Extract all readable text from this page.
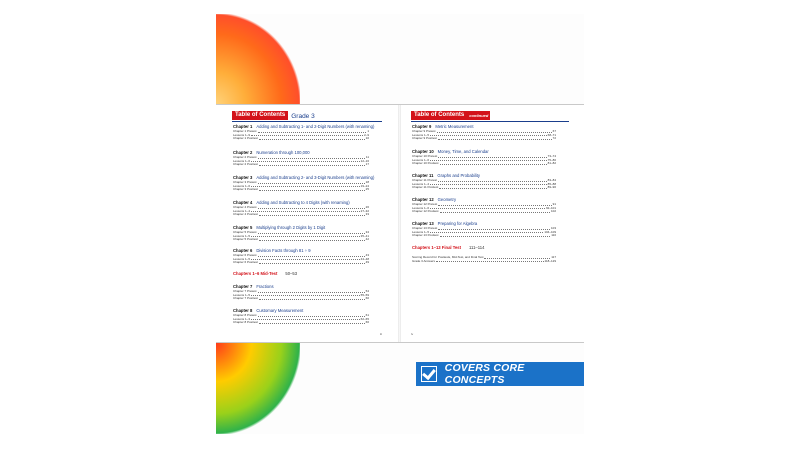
Table of Contents Grade 3
Chapter 1 Adding and Subtracting 1- and 2-Digit Numbers (with renaming)
Chapter 1 Pretest	1
Lessons 1–9	2–9
Chapter 1 Posttest	10
Chapter 2 Numeration through 100,000
Chapter 2 Pretest	11
Lessons 1–6	12–16
Chapter 2 Posttest	17
Chapter 3 Adding and Subtracting 2- and 3-Digit Numbers (with renaming)
Chapter 3 Pretest	18
Lessons 1–6	19–24
Chapter 3 Posttest	25
Chapter 4 Adding and Subtracting to 4 Digits (with renaming)
Chapter 4 Pretest	26
Lessons 1–4	27–32
Chapter 4 Posttest	33
Chapter 5 Multiplying through 2 Digits by 1 Digit
Chapter 5 Pretest	34
Lessons 1–5	35–41
Chapter 5 Posttest	42
Chapter 6 Division Facts through 81 ÷ 9
Chapter 6 Pretest	43
Lessons 1–5	44–48
Chapter 6 Posttest	49
Chapters 1–6 Mid-Test 50–53
Chapter 7 Fractions
Chapter 7 Pretest	54
Lessons 1–5	55–59
Chapter 7 Posttest	60
Chapter 8 Customary Measurement
Chapter 8 Pretest	61
Lessons 1–3	62–65
Chapter 8 Posttest	66
iii
Table of Contents	continued
Chapter 9 Metric Measurement
Chapter 9 Pretest	67
Lessons 1–5	68–71
Chapter 9 Posttest	72
Chapter 10 Money, Time, and Calendar
Chapter 10 Pretest	73–74
Lessons 1–6	75–80
Chapter 10 Posttest	81–82
Chapter 11 Graphs and Probability
Chapter 11 Pretest	83–84
Lessons 1–4	85–88
Chapter 11 Posttest	89–90
Chapter 12 Geometry
Chapter 12 Pretest	91
Lessons 1–6	92–101
Chapter 12 Posttest	102
Chapter 13 Preparing for Algebra
Chapter 13 Pretest	103
Lessons 1–5	104–109
Chapter 13 Posttest	110
Chapters 1–13 Final Test 111–114
Scoring Record for Posttests, Mid-Test, and Final Test	117
Grade 3 Answers	118–129
iv
COVERS CORE CONCEPTS
